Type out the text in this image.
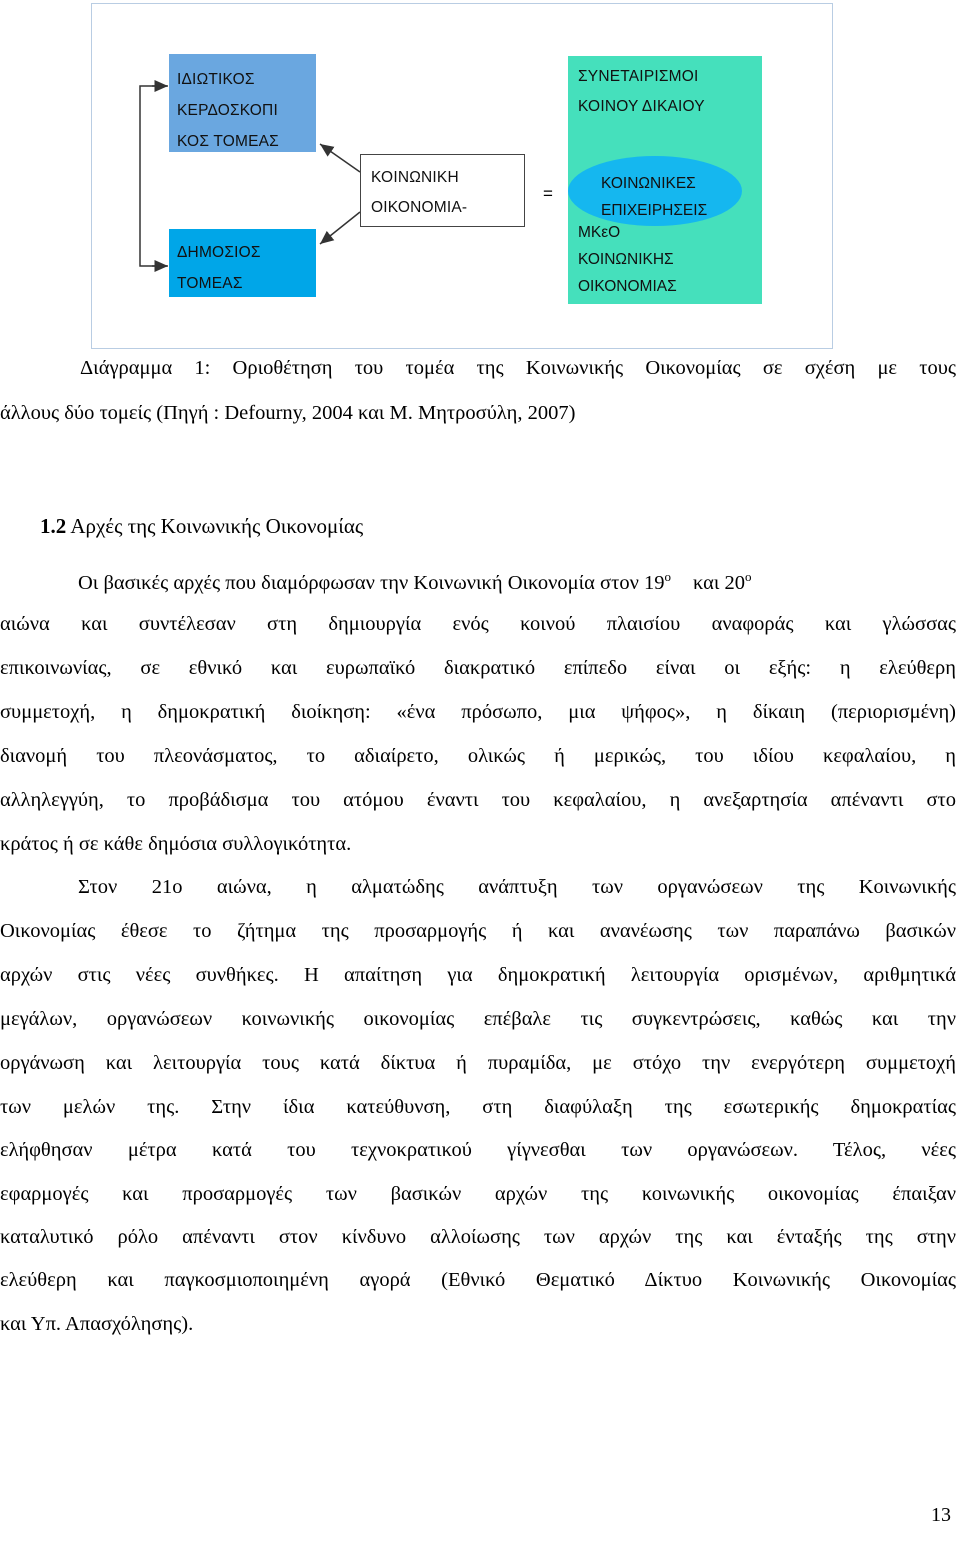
ΙΔΙΩΤΙΚΟΣ
ΚΕΡΔΟΣΚΟΠΙ
ΚΟΣ ΤΟΜΕΑΣ
ΔΗΜΟΣΙΟΣ
ΤΟΜΕΑΣ
ΚΟΙΝΩΝΙΚΗ
ΟΙΚΟΝΟΜΙΑ-
=
ΣΥΝΕΤΑΙΡΙΣΜΟΙ
ΚΟΙΝΟΥ ΔΙΚΑΙΟΥ
ΚΟΙΝΩΝΙΚΕΣ
ΕΠΙΧΕΙΡΗΣΕΙΣ
ΜΚεΟ
ΚΟΙΝΩΝΙΚΗΣ
ΟΙΚΟΝΟΜΙΑΣ
Διάγραμμα 1: Οριοθέτηση του τομέα της Κοινωνικής Οικονομίας σε σχέση με τους
άλλους δύο τομείς (Πηγή : Defourny, 2004 και Μ. Μητροσύλη, 2007)
1.2 Αρχές της Κοινωνικής Οικονομίας
Οι βασικές αρχές που διαμόρφωσαν την Κοινωνική Οικονομία στον $19^o$ και $20^o$
αιώνα και συντέλεσαν στη δημιουργία ενός κοινού πλαισίου αναφοράς και γλώσσας
επικοινωνίας, σε εθνικό και ευρωπαϊκό διακρατικό επίπεδο είναι οι εξής: η ελεύθερη
συμμετοχή, η δημοκρατική διοίκηση: «ένα πρόσωπο, μια ψήφος», η δίκαιη (περιορισμένη)
διανομή του πλεονάσματος, το αδιαίρετο, ολικώς ή μερικώς, του ιδίου κεφαλαίου, η
αλληλεγγύη, το προβάδισμα του ατόμου έναντι του κεφαλαίου, η ανεξαρτησία απέναντι στο
κράτος ή σε κάθε δημόσια συλλογικότητα.
Στον 21ο αιώνα, η αλματώδης ανάπτυξη των οργανώσεων της Κοινωνικής
Οικονομίας έθεσε το ζήτημα της προσαρμογής ή και ανανέωσης των παραπάνω βασικών
αρχών στις νέες συνθήκες. Η απαίτηση για δημοκρατική λειτουργία ορισμένων, αριθμητικά
μεγάλων, οργανώσεων κοινωνικής οικονομίας επέβαλε τις συγκεντρώσεις, καθώς και την
οργάνωση και λειτουργία τους κατά δίκτυα ή πυραμίδα, με στόχο την ενεργότερη συμμετοχή
των μελών της. Στην ίδια κατεύθυνση, στη διαφύλαξη της εσωτερικής δημοκρατίας
ελήφθησαν μέτρα κατά του τεχνοκρατικού γίγνεσθαι των οργανώσεων. Τέλος, νέες
εφαρμογές και προσαρμογές των βασικών αρχών της κοινωνικής οικονομίας έπαιξαν
καταλυτικό ρόλο απέναντι στον κίνδυνο αλλοίωσης των αρχών της και ένταξής της στην
ελεύθερη και παγκοσμιοποιημένη αγορά (Εθνικό Θεματικό Δίκτυο Κοινωνικής Οικονομίας
και Υπ. Απασχόλησης).
13
